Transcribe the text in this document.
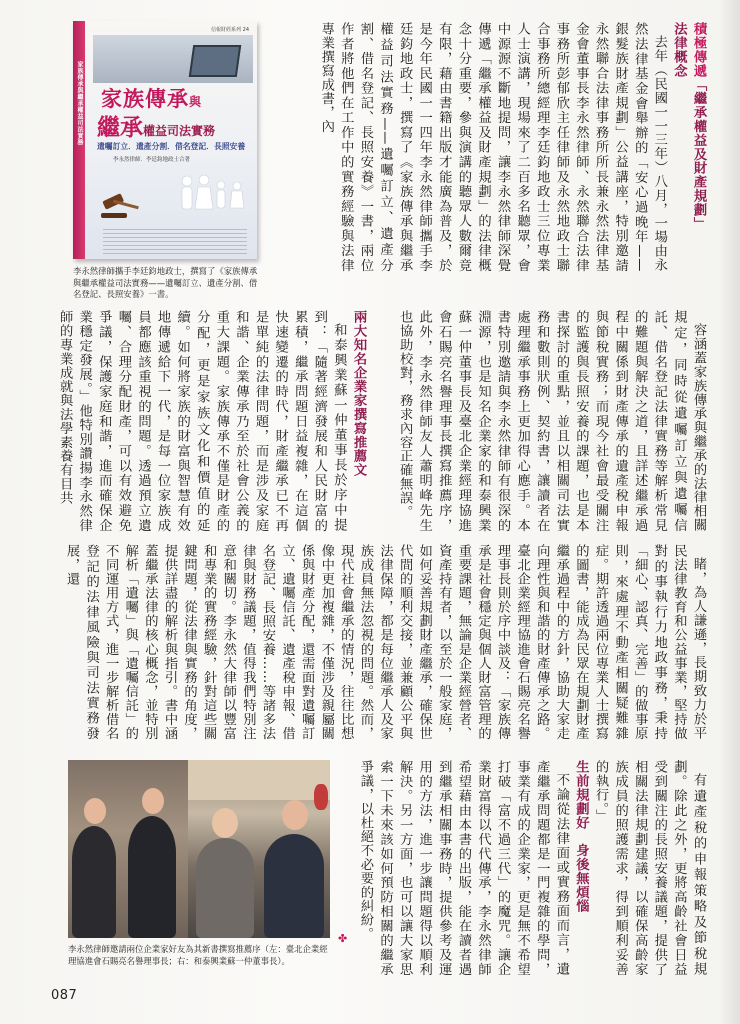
積極傳遞「繼承權益及財產規劃」
法律概念
去年（民國一一三年）八月，一場由永然法律基金會舉辦的「安心過晚年——銀髮族財產規劃」公益講座，特別邀請永然聯合法律事務所所長兼永然法律基金會董事長李永然律師、永然聯合法律事務所彭郁欣主任律師及永然地政士聯合事務所總經理李廷鈞地政士三位專業人士演講，現場來了二百多名聽眾，會中源源不斷地提問，讓李永然律師深覺傳遞「繼承權益及財產規劃」的法律概念十分重要，參與演講的聽眾人數爾竟有限，藉由書籍出版才能廣為普及，於是今年民國一一四年李永然律師攜手李廷鈞地政士，撰寫了《家族傳承與繼承權益司法實務——遺囑訂立、遺產分割、借名登記、長照安養》一書，兩位作者將他們在工作中的實務經驗與法律專業撰寫成書，內
家族傳承與繼承權益司法實務
信報財經系列 24
家族傳承與
繼承權益司法實務
遺囑訂立．遺產分割．借名登記．長照安養
李永然律師．李廷鈞地政士合著
李永然律師攜手李廷鈞地政士，撰寫了《家族傳承與繼承權益司法實務——遺囑訂立、遺產分割、借名登記、長照安養》一書。
容涵蓋家族傳承與繼承的法律相關規定，同時從遺囑訂立與遺囑信託、借名登記法律實務等解析常見的難題與解決之道，且詳述繼承過程中關係到財產傳承的遺產稅申報與節稅實務；而現今社會最受關注的監護與長照安養的課題，也是本書探討的重點，並且以相關司法實務和數則狀例、契約書，讓讀者在處理繼承事務上更加得心應手。本書特別邀請與李永然律師有很深的淵源，也是知名企業家的和泰興業蘇一仲董事長及臺北企業經理協進會石賜亮名譽理事長撰寫推薦序，此外，李永然律師友人蕭明峰先生也協助校對，務求內容正確無誤。
兩大知名企業家撰寫推薦文
和泰興業蘇一仲董事長於序中提到：「隨著經濟發展和人民財富的累積，繼承問題日益複雜，在這個快速變遷的時代，財產繼承已不再是單純的法律問題，而是涉及家庭和諧、企業傳承乃至於社會公義的重大課題。家族傳承不僅是財產的分配，更是家族文化和價值的延續。如何將家族的財富與智慧有效地傳遞給下一代，是每一位家族成員都應該重視的問題。透過預立遺囑、合理分配財產，可以有效避免爭議，保護家庭和諧，進而確保企業穩定發展。」他特別讚揚李永然律師的專業成就與法學素養有目共
睹，為人謙遜，長期致力於平民法律教育和公益事業，堅持做對的事執行力地政事務，秉持「細心、認真、完善」的做事原則，來處理不動產相關疑難雜症。期許透過兩位專業人士撰寫的圖書，能成為民眾在規劃財產繼承過程中的方針，協助大家走向理性與和諧的財產傳承之路。臺北企業經理協進會石賜亮名譽理事長則於序中談及：「家族傳承是社會穩定與個人財富管理的重要課題，無論是企業經營者、資產持有者，以至於一般家庭，如何妥善規劃財產繼承，確保世代間的順利交接，並兼顧公平與法律保障，都是每位繼承人及家族成員無法忽視的問題。然而，現代社會繼承的情況，往往比想像中更加複雜，不僅涉及親屬關係與財產分配，還需面對遺囑訂立、遺囑信託、遺產稅申報、借名登記、長照安養……等諸多法律與財務議題，值得我們特別注意和關切。李永然大律師以豐富和專業的實務經驗，針對這些關鍵問題，從法律與實務的角度，提供詳盡的解析與指引。書中涵蓋繼承法律的核心概念，並特別解析「遺囑」與「遺囑信託」的不同運用方式，進一步解析借名登記的法律風險與司法實務發展，還
有遺產稅的申報策略及節稅規劃。除此之外，更將高齡社會日益受到關注的長照安養議題，提供了相關法律規劃建議，以確保高齡家族成員的照護需求，得到順利妥善的執行。」
生前規劃好　身後無煩惱
不論從法律面或實務面而言，遺產繼承問題都是一門複雜的學問，事業有成的企業家，更是無不希望打破「富不過三代」的魔咒。讓企業財富得以代代傳承，李永然律師希望藉由本書的出版，能在讀者遇到繼承相關事務時，提供參考及運用的方法，進一步讓問題得以順利解決。另一方面，也可以讓大家思索一下未來該如何預防相關的繼承爭議，以杜絕不必要的糾紛。
李永然律師邀請兩位企業家好友為其新書撰寫推薦序（左：臺北企業經理協進會石賜亮名譽理事長；右：和泰興業蘇一仲董事長）。
✤
087
